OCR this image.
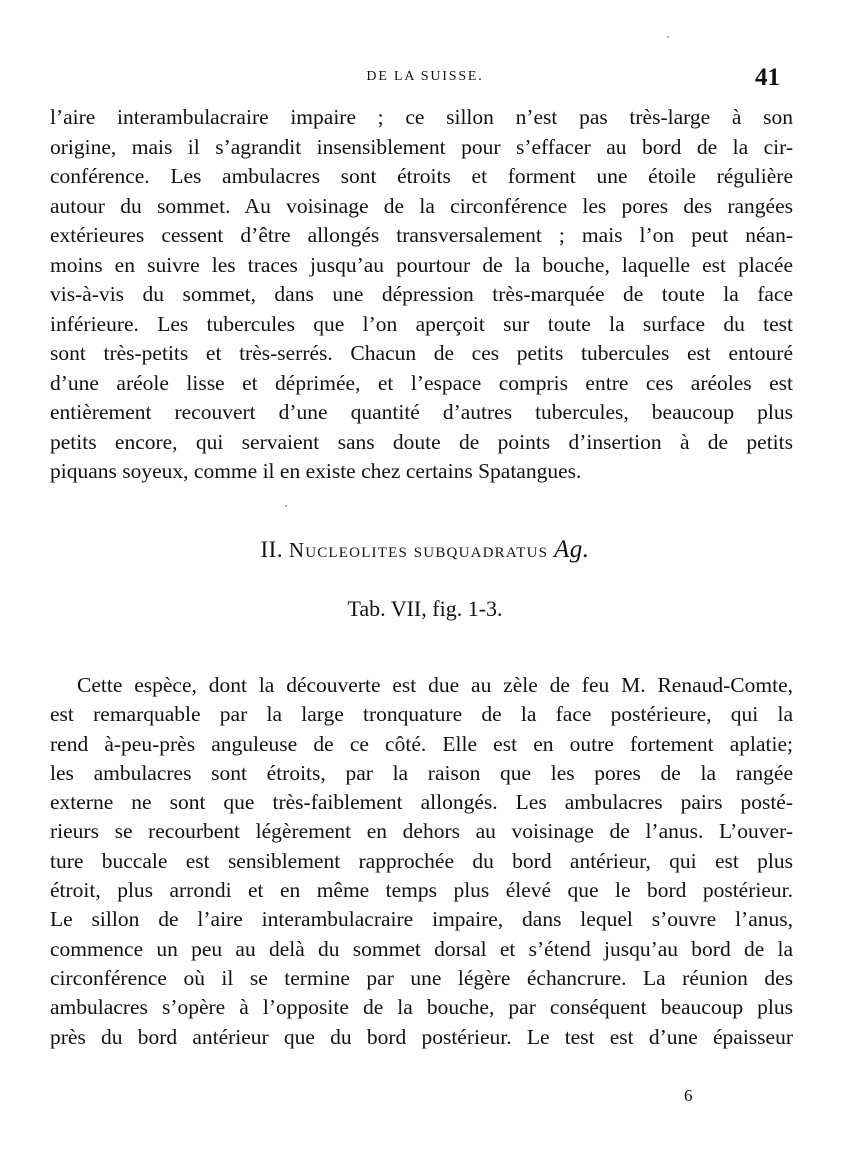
DE LA SUISSE.	41
l’aire interambulacraire impaire ; ce sillon n’est pas très-large à son
origine, mais il s’agrandit insensiblement pour s’effacer au bord de la cir-
conférence. Les ambulacres sont étroits et forment une étoile régulière
autour du sommet. Au voisinage de la circonférence les pores des rangées
extérieures cessent d’être allongés transversalement ; mais l’on peut néan-
moins en suivre les traces jusqu’au pourtour de la bouche, laquelle est placée
vis-à-vis du sommet, dans une dépression très-marquée de toute la face
inférieure. Les tubercules que l’on aperçoit sur toute la surface du test
sont très-petits et très-serrés. Chacun de ces petits tubercules est entouré
d’une aréole lisse et déprimée, et l’espace compris entre ces aréoles est
entièrement recouvert d’une quantité d’autres tubercules, beaucoup plus
petits encore, qui servaient sans doute de points d’insertion à de petits
piquans soyeux, comme il en existe chez certains Spatangues.
II. Nucleolites subquadratus Ag.
Tab. VII, fig. 1-3.
Cette espèce, dont la découverte est due au zèle de feu M. Renaud-Comte,
est remarquable par la large tronquature de la face postérieure, qui la
rend à-peu-près anguleuse de ce côté. Elle est en outre fortement aplatie;
les ambulacres sont étroits, par la raison que les pores de la rangée
externe ne sont que très-faiblement allongés. Les ambulacres pairs posté-
rieurs se recourbent légèrement en dehors au voisinage de l’anus. L’ouver-
ture buccale est sensiblement rapprochée du bord antérieur, qui est plus
étroit, plus arrondi et en même temps plus élevé que le bord postérieur.
Le sillon de l’aire interambulacraire impaire, dans lequel s’ouvre l’anus,
commence un peu au delà du sommet dorsal et s’étend jusqu’au bord de la
circonférence où il se termine par une légère échancrure. La réunion des
ambulacres s’opère à l’opposite de la bouche, par conséquent beaucoup plus
près du bord antérieur que du bord postérieur. Le test est d’une épaisseur
6
